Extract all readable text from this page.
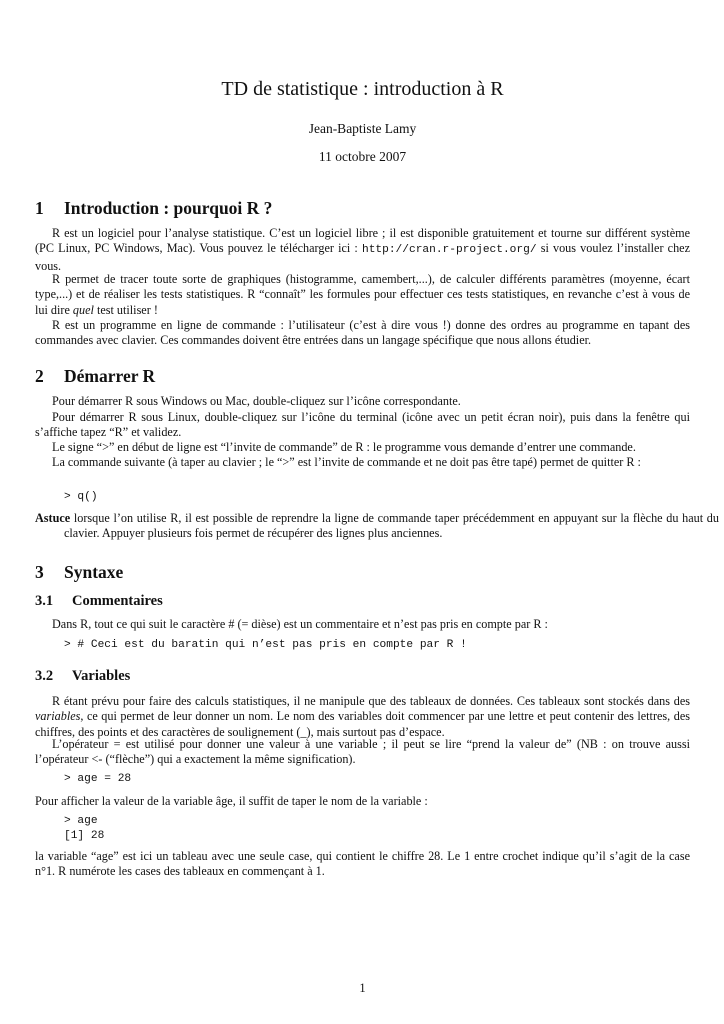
TD de statistique : introduction à R
Jean-Baptiste Lamy
11 octobre 2007
1 Introduction : pourquoi R ?

R est un logiciel pour l’analyse statistique. C’est un logiciel libre ; il est disponible gratuitement et tourne sur différent système (PC Linux, PC Windows, Mac). Vous pouvez le télécharger ici : http://cran.r-project.org/ si vous voulez l’installer chez vous.

R permet de tracer toute sorte de graphiques (histogramme, camembert,...), de calculer différents paramètres (moyenne, écart type,...) et de réaliser les tests statistiques. R “connaît” les formules pour effectuer ces tests statistiques, en revanche c’est à vous de lui dire quel test utiliser !

R est un programme en ligne de commande : l’utilisateur (c’est à dire vous !) donne des ordres au programme en tapant des commandes avec clavier. Ces commandes doivent être entrées dans un langage spécifique que nous allons étudier.

2 Démarrer R

Pour démarrer R sous Windows ou Mac, double-cliquez sur l’icône correspondante.

Pour démarrer R sous Linux, double-cliquez sur l’icône du terminal (icône avec un petit écran noir), puis dans la fenêtre qui s’affiche tapez “R” et validez.

Le signe “>” en début de ligne est “l’invite de commande” de R : le programme vous demande d’entrer une commande.

La commande suivante (à taper au clavier ; le “>” est l’invite de commande et ne doit pas être tapé) permet de quitter R :

> q()

Astuce lorsque l’on utilise R, il est possible de reprendre la ligne de commande taper précédemment en appuyant sur la flèche du haut du clavier. Appuyer plusieurs fois permet de récupérer des lignes plus anciennes.

3 Syntaxe
3.1 Commentaires

Dans R, tout ce qui suit le caractère # (= dièse) est un commentaire et n’est pas pris en compte par R :

> # Ceci est du baratin qui n’est pas pris en compte par R !
3.2 Variables

R étant prévu pour faire des calculs statistiques, il ne manipule que des tableaux de données. Ces tableaux sont stockés dans des variables, ce qui permet de leur donner un nom. Le nom des variables doit commencer par une lettre et peut contenir des lettres, des chiffres, des points et des caractères de soulignement (_), mais surtout pas d’espace.

L’opérateur = est utilisé pour donner une valeur à une variable ; il peut se lire “prend la valeur de” (NB : on trouve aussi l’opérateur <- (“flèche”) qui a exactement la même signification).

> age = 28

Pour afficher la valeur de la variable âge, il suffit de taper le nom de la variable :

> age
[1] 28

la variable “age” est ici un tableau avec une seule case, qui contient le chiffre 28. Le 1 entre crochet indique qu’il s’agit de la case n°1. R numérote les cases des tableaux en commençant à 1.

1
